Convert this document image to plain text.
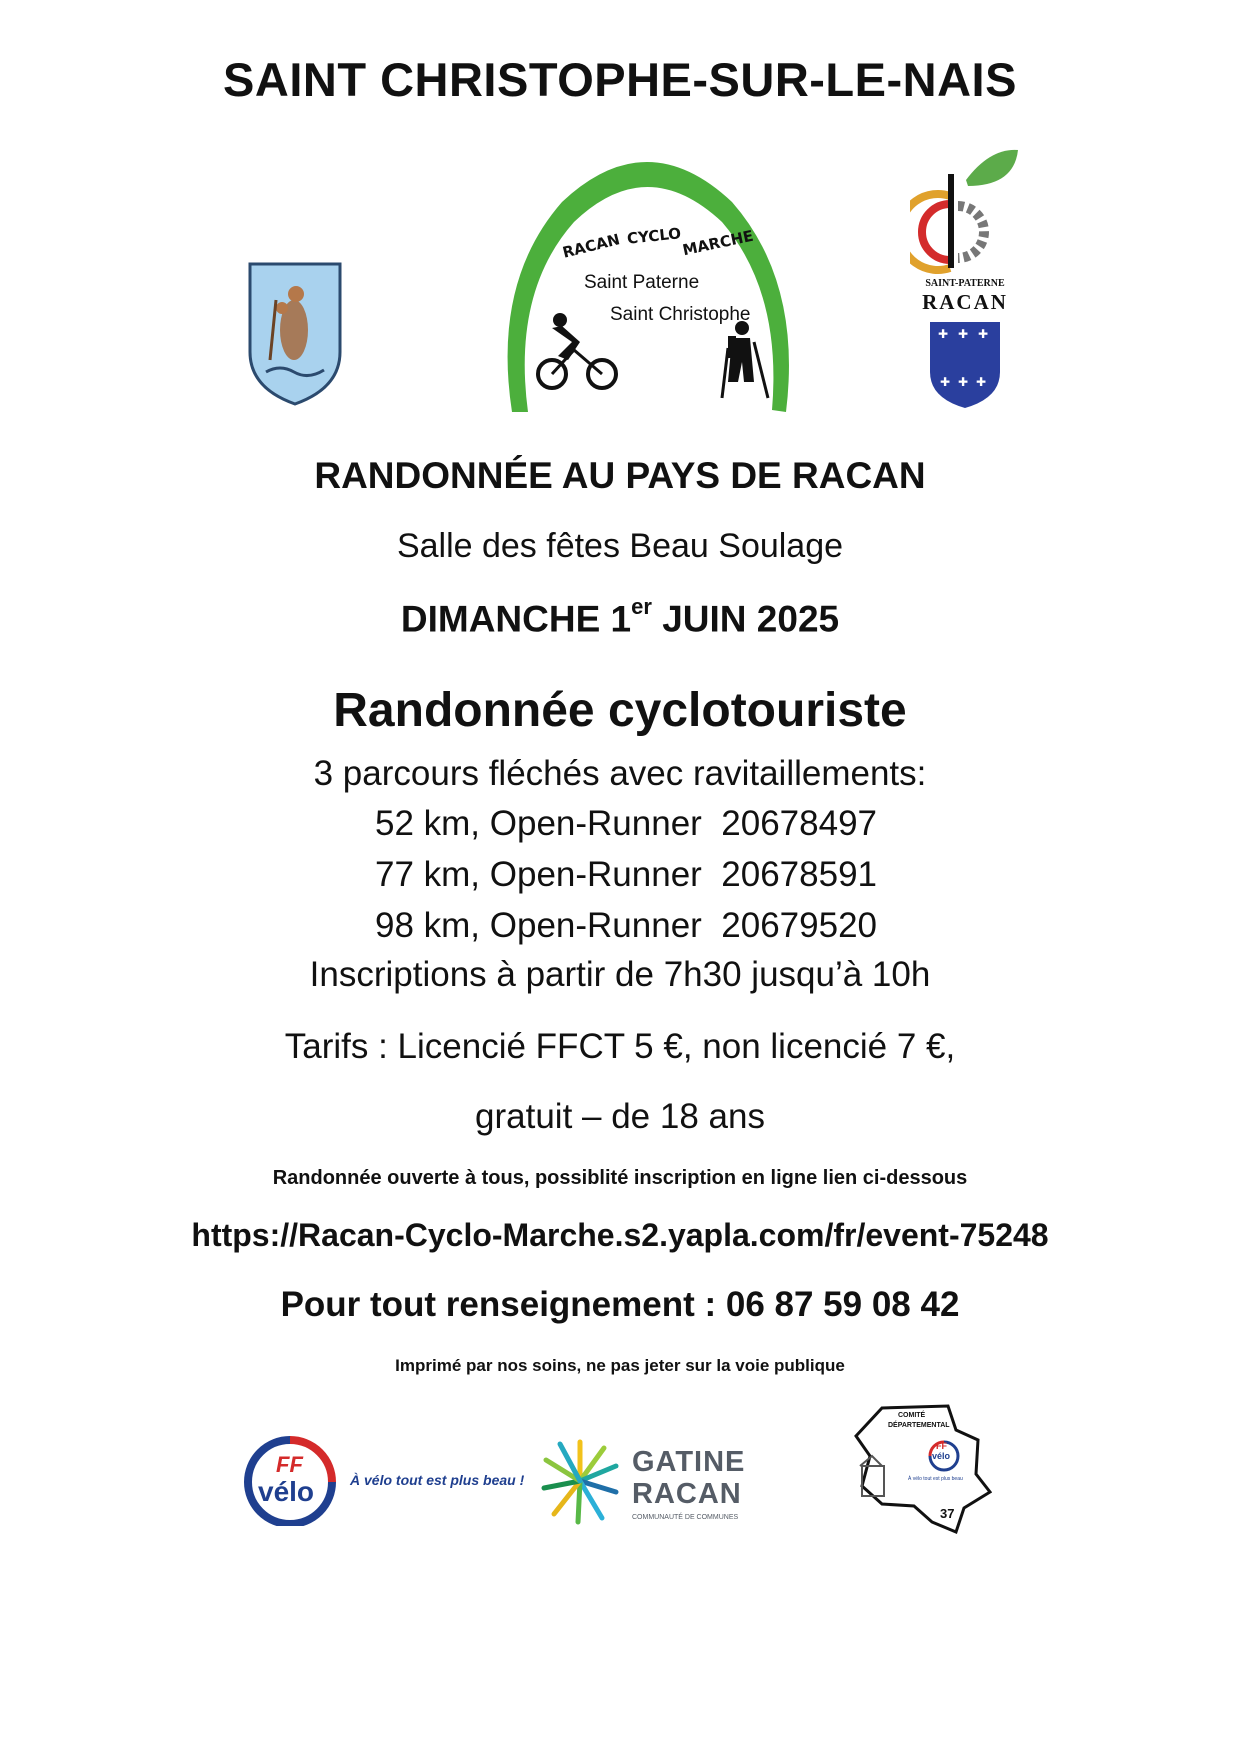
SAINT CHRISTOPHE-SUR-LE-NAIS
RACAN CYCLO
MARCHE
Saint Paterne
Saint Christophe
SAINT-PATERNE
RACAN
✚ ✚ ✚
✚ ✚ ✚
RANDONNÉE AU PAYS DE RACAN
Salle des fêtes Beau Soulage
DIMANCHE 1er JUIN 2025
Randonnée cyclotouriste
3 parcours fléchés avec ravitaillements:
52 km, Open-Runner  20678497
77 km, Open-Runner  20678591
98 km, Open-Runner  20679520
Inscriptions à partir de 7h30 jusqu’à 10h
Tarifs : Licencié FFCT 5 €, non licencié 7 €,
gratuit – de 18 ans
Randonnée ouverte à tous, possiblité inscription en ligne lien ci-dessous
https://Racan-Cyclo-Marche.s2.yapla.com/fr/event-75248
Pour tout renseignement : 06 87 59 08 42
Imprimé par nos soins, ne pas jeter sur la voie publique
FF
vélo	À vélo tout est plus beau !
GATINE
RACAN
COMMUNAUTÉ DE COMMUNES
COMITÉ
DÉPARTEMENTAL
FF
vélo
À vélo tout est plus beau
37
